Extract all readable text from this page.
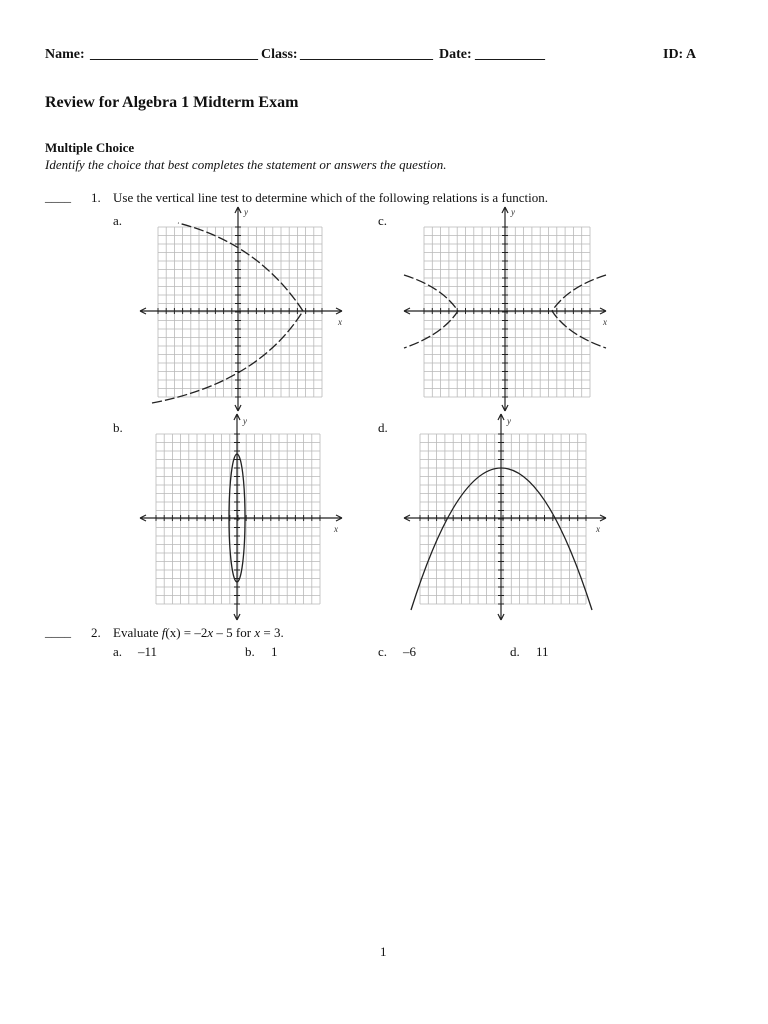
Name: ________________________ Class: ___________________ Date: __________	ID: A
Review for Algebra 1 Midterm Exam
Multiple Choice
Identify the choice that best completes the statement or answers the question.
____ 1. Use the vertical line test to determine which of the following relations is a function.
a.	c.
b.	d.
x
y
x
y
x
y
x
y
____ 2. Evaluate f(x) = –2x – 5 for x = 3.
a. –11	b. 1	c. –6	d. 11
1
